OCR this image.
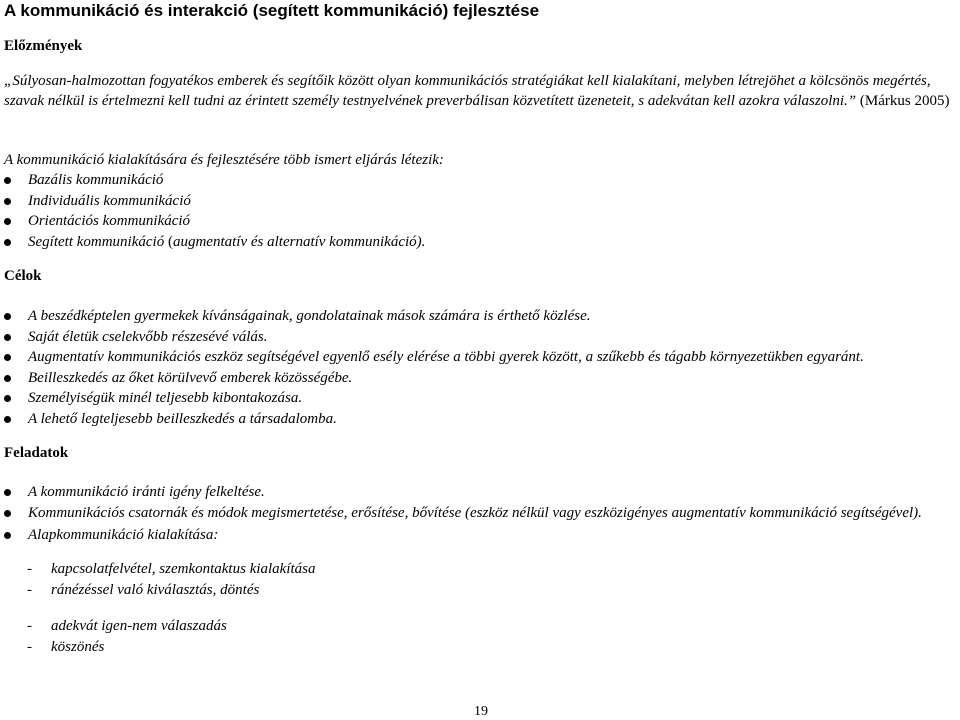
A kommunikáció és interakció (segített kommunikáció) fejlesztése
Előzmények

„Súlyosan-halmozottan fogyatékos emberek és segítőik között olyan kommunikációs stratégiákat kell kialakítani, melyben létrejöhet a kölcsönös megértés, szavak nélkül is értelmezni kell tudni az érintett személy testnyelvének preverbálisan közvetített üzeneteit, s adekvátan kell azokra válaszolni.” (Márkus 2005)

A kommunikáció kialakítására és fejlesztésére több ismert eljárás létezik:

Bazális kommunikáció
Individuális kommunikáció
Orientációs kommunikáció
Segített kommunikáció (augmentatív és alternatív kommunikáció).
Célok
A beszédképtelen gyermekek kívánságainak, gondolatainak mások számára is érthető közlése.
Saját életük cselekvőbb részesévé válás.
Augmentatív kommunikációs eszköz segítségével egyenlő esély elérése a többi gyerek között, a szűkebb és tágabb környezetükben egyaránt.
Beilleszkedés az őket körülvevő emberek közösségébe.
Személyiségük minél teljesebb kibontakozása.
A lehető legteljesebb beilleszkedés a társadalomba.
Feladatok
A kommunikáció iránti igény felkeltése.
Kommunikációs csatornák és módok megismertetése, erősítése, bővítése (eszköz nélkül vagy eszközigényes augmentatív kommunikáció segítségével).
Alapkommunikáció kialakítása:
- kapcsolatfelvétel, szemkontaktus kialakítása
- ránézéssel való kiválasztás, döntés
- adekvát igen-nem válaszadás
- köszönés

19
